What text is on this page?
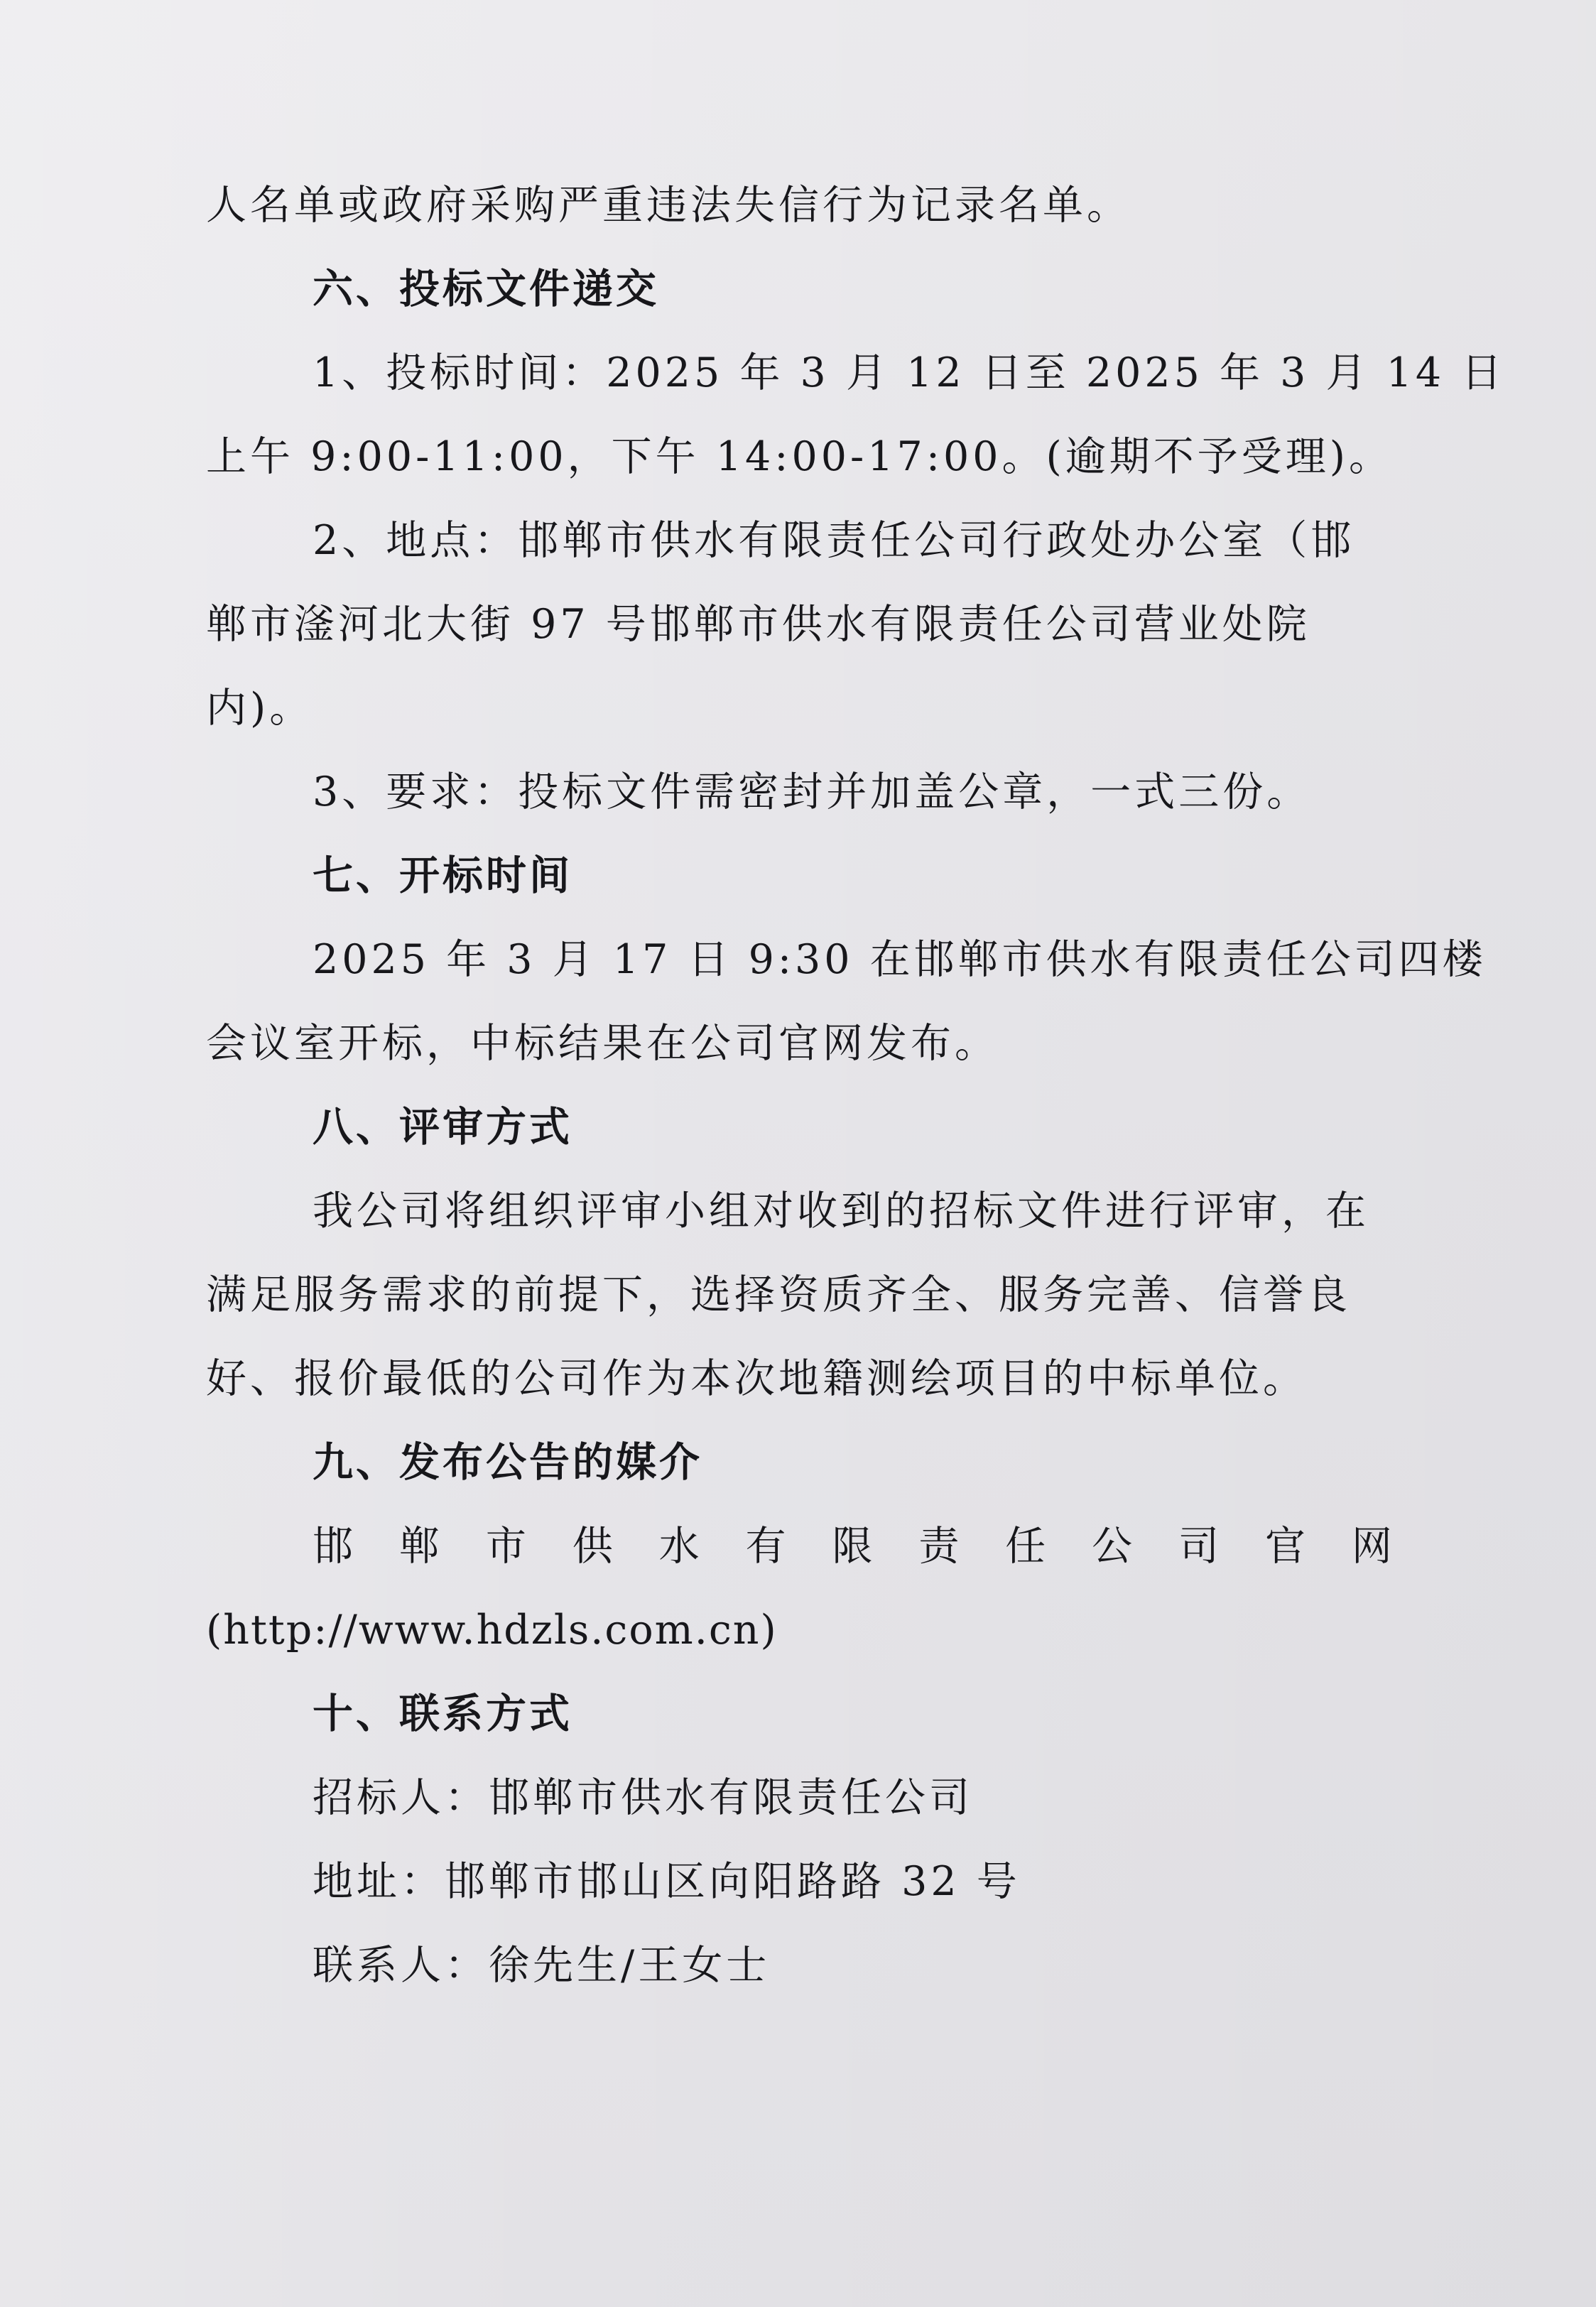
人名单或政府采购严重违法失信行为记录名单。
六、投标文件递交
1、投标时间：2025 年 3 月 12 日至 2025 年 3 月 14 日
上午 9:00-11:00，下午 14:00-17:00。(逾期不予受理)。
2、地点：邯郸市供水有限责任公司行政处办公室（邯
郸市滏河北大街 97 号邯郸市供水有限责任公司营业处院
内)。
3、要求：投标文件需密封并加盖公章，一式三份。
七、开标时间
2025 年 3 月 17 日 9:30 在邯郸市供水有限责任公司四楼
会议室开标，中标结果在公司官网发布。
八、评审方式
我公司将组织评审小组对收到的招标文件进行评审，在
满足服务需求的前提下，选择资质齐全、服务完善、信誉良
好、报价最低的公司作为本次地籍测绘项目的中标单位。
九、发布公告的媒介
邯 郸 市 供 水 有 限 责 任 公 司 官 网
(http://www.hdzls.com.cn)
十、联系方式
招标人：邯郸市供水有限责任公司
地址：邯郸市邯山区向阳路路 32 号
联系人：徐先生/王女士
